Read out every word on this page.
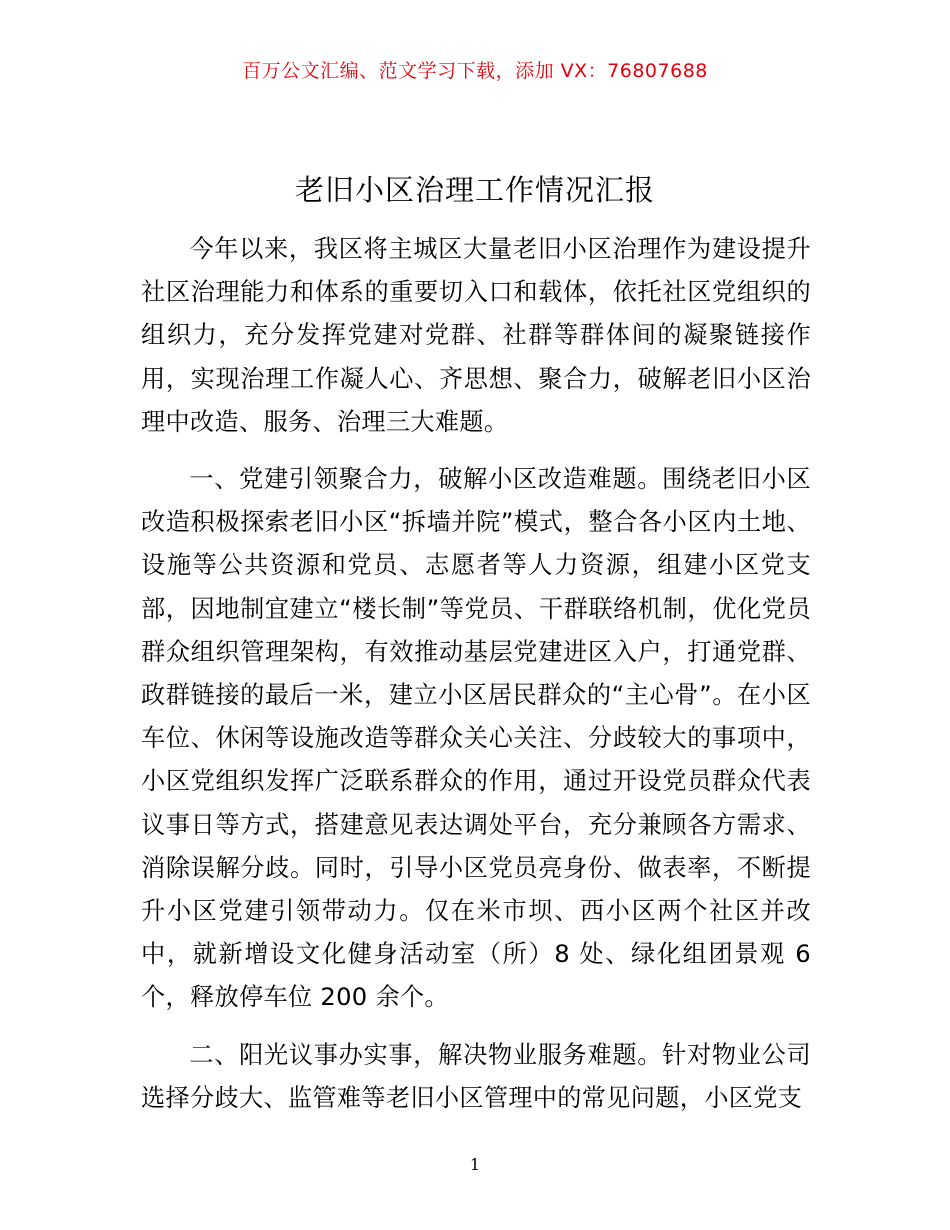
百万公文汇编、范文学习下载，添加 VX：76807688
老旧小区治理工作情况汇报

今年以来，我区将主城区大量老旧小区治理作为建设提升社区治理能力和体系的重要切入口和载体，依托社区党组织的组织力，充分发挥党建对党群、社群等群体间的凝聚链接作用，实现治理工作凝人心、齐思想、聚合力，破解老旧小区治理中改造、服务、治理三大难题。

一、党建引领聚合力，破解小区改造难题。围绕老旧小区改造积极探索老旧小区“拆墙并院”模式，整合各小区内土地、设施等公共资源和党员、志愿者等人力资源，组建小区党支部，因地制宜建立“楼长制”等党员、干群联络机制，优化党员群众组织管理架构，有效推动基层党建进区入户，打通党群、政群链接的最后一米，建立小区居民群众的“主心骨”。在小区车位、休闲等设施改造等群众关心关注、分歧较大的事项中，小区党组织发挥广泛联系群众的作用，通过开设党员群众代表议事日等方式，搭建意见表达调处平台，充分兼顾各方需求、消除误解分歧。同时，引导小区党员亮身份、做表率，不断提升小区党建引领带动力。仅在米市坝、西小区两个社区并改中，就新增设文化健身活动室（所）8 处、绿化组团景观 6 个，释放停车位 200 余个。

二、阳光议事办实事，解决物业服务难题。针对物业公司选择分歧大、监管难等老旧小区管理中的常见问题，小区党支

1
